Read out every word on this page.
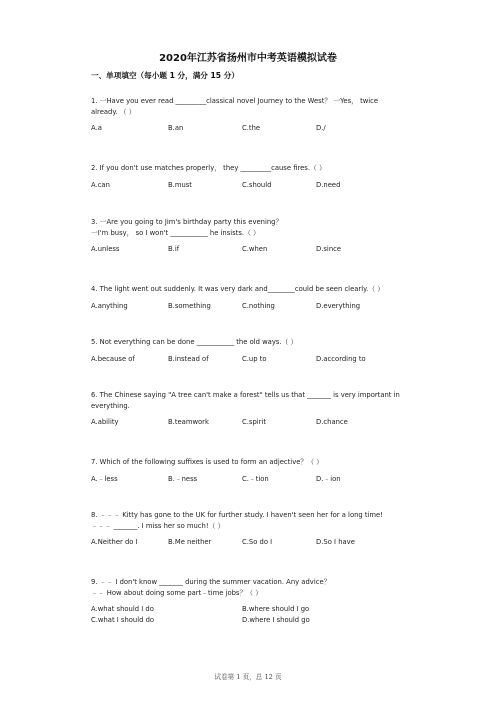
2020年江苏省扬州市中考英语模拟试卷
一、单项填空（每小题 1 分，满分 15 分）
1. 一Have you ever read _________classical novel Journey to the West？ 一Yes， twice
already. （ ）
A.a	B.an	C.the	D./
2. If you don't use matches properly， they _________cause fires.（ ）
A.can	B.must	C.should	D.need
3. 一Are you going to Jim's birthday party this evening？
一I'm busy， so I won't ___________ he insists.（ ）
A.unless	B.if	C.when	D.since
4. The light went out suddenly. It was very dark and________could be seen clearly.（ ）
A.anything	B.something	C.nothing	D.everything
5. Not everything can be done ___________ the old ways.（ ）
A.because of	B.instead of	C.up to	D.according to
6. The Chinese saying "A tree can't make a forest" tells us that _______ is very important in
everything.
A.ability	B.teamwork	C.spirit	D.chance
7. Which of the following suffixes is used to form an adjective？（ ）
A.﹣less	B.﹣ness	C.﹣tion	D.﹣ion
8. ﹣﹣﹣ Kitty has gone to the UK for further study. I haven't seen her for a long time!
﹣﹣﹣ _______. I miss her so much!（ ）
A.Neither do I	B.Me neither	C.So do I	D.So I have
9. ﹣﹣ I don't know _______ during the summer vacation. Any advice？
﹣﹣ How about doing some part﹣time jobs？（ ）
A.what should I do	B.where should I go
C.what I should do	D.where I should go
试卷第 1 页，总 12 页
